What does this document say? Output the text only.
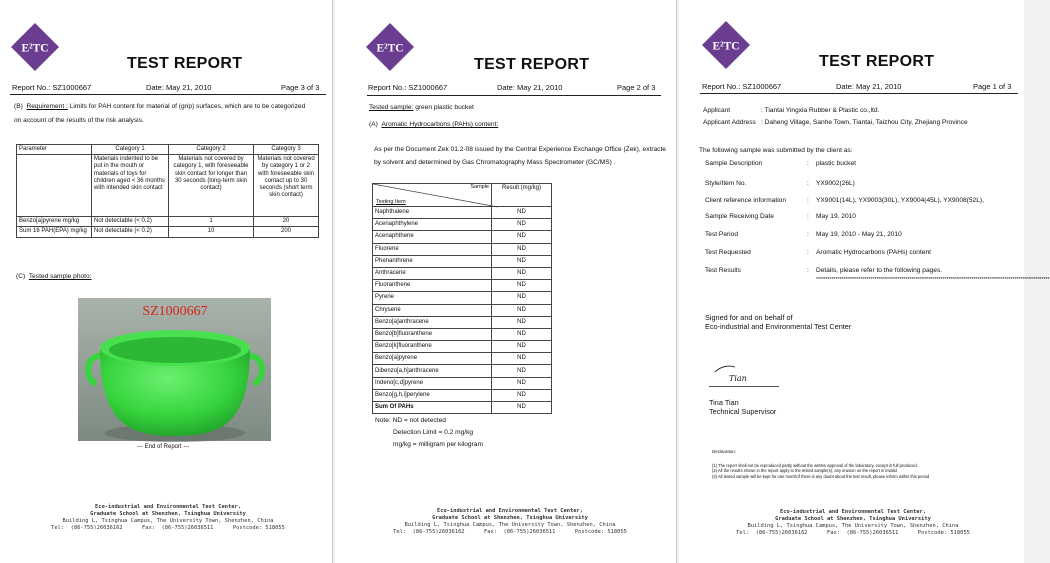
E²TC
TEST REPORT
Report No.: SZ1000667	Date: May 21, 2010	Page 3 of 3
(B) Requirement : Limits for PAH content for material of (grip) surfaces, which are to be categorized
on account of the results of the risk analysis.
Parameter	Category 1	Category 2	Category 3
	Materials indented to be put in the mouth or materials of toys for children aged < 36 months with intended skin contact	Materials not covered by category 1, with foreseeable skin contact for longer than 30 seconds (long-term skin contact)	Materials not covered by category 1 or 2 with foreseeable skin contact up to 30 seconds (short term skin contact)
Benzo[a]pyrene mg/kg	Not detectable (< 0.2)	1	20
Sum 16 PAH(EPA) mg/kg	Not detectable (< 0.2)	10	200
(C) Tested sample photo:
SZ1000667
--- End of Report ---
Eco-industrial and Environmental Test Center,
Graduate School at Shenzhen, Tsinghua University
Building L, Tsinghua Campus, The University Town, Shenzhen, China
Tel:  (86-755)26036162      Fax:  (86-755)26036511      Postcode: 518055
E²TC
TEST REPORT
Report No.: SZ1000667	Date: May 21, 2010	Page 2 of 3
Tested sample: green plastic bucket
(A) Aromatic Hydrocarbons (PAHs) content:
As per the Document Zek 01.2-08 issued by the Central Experience Exchange Office (Zek), extracte
by solvent and determined by Gas Chromatography Mass Spectrometer (GC/MS) .
Sample
Testing Item	Result (mg/kg)
Naphthalene	ND
Acenaphthylene	ND
Acenaphthene	ND
Fluorene	ND
Phenanthrene	ND
Anthracene	ND
Fluoranthene	ND
Pyrene	ND
Chrysene	ND
Benzo[a]anthracene	ND
Benzo[b]fluoranthene	ND
Benzo[k]fluoranthene	ND
Benzo[a]pyrene	ND
Dibenzo[a,h]anthracene	ND
Indeno[c,d]pyrene	ND
Benzo[g,h,i]perylene	ND
Sum Of PAHs	ND
Note: ND = not detected
Detection Limit = 0.2 mg/kg
mg/kg = milligram per kilogram
Eco-industrial and Environmental Test Center,
Graduate School at Shenzhen, Tsinghua University
Building L, Tsinghua Campus, The University Town, Shenzhen, China
Tel:  (86-755)26036162      Fax:  (86-755)26036511      Postcode: 518055
E²TC
TEST REPORT
Report No.: SZ1000667	Date: May 21, 2010	Page 1 of 3
Applicant	: Tiantai Yingxia Rubber & Plastic co.,ltd.
Applicant Address : Daheng Village, Sanhe Town, Tiantai, Taizhou City, Zhejiang Province
The following sample was submitted by the client as:
Sample Description	: plastic bucket
Style/Item No.	: YX9002(26L)
Client reference information	: YX9001(14L), YX9003(30L), YX9004(45L), YX9008(52L),
Sample Receiving Date	: May 19, 2010
Test Period	: May 19, 2010 - May 21, 2010
Test Requested	: Aromatic Hydrocarbons (PAHs) content
Test Results	: Details, please refer to the following pages.
************************************************************************************************************************
Signed for and on behalf of
Eco-industrial and Environmental Test Center
Tian
Tina Tian
Technical Supervisor
Declaration:
(1) The report shall not be reproduced partly without the written approval of the laboratory, except in full produced.
(2) All the results shown in the report apply to the tested sample(s); any erasion on the report is invalid
(3) All tested sample will be kept for one month;if there is any doubt about the test result, please inform within this period
Eco-industrial and Environmental Test Center,
Graduate School at Shenzhen, Tsinghua University
Building L, Tsinghua Campus, The University Town, Shenzhen, China
Tel:  (86-755)26036162      Fax:  (86-755)26036511      Postcode: 518055
